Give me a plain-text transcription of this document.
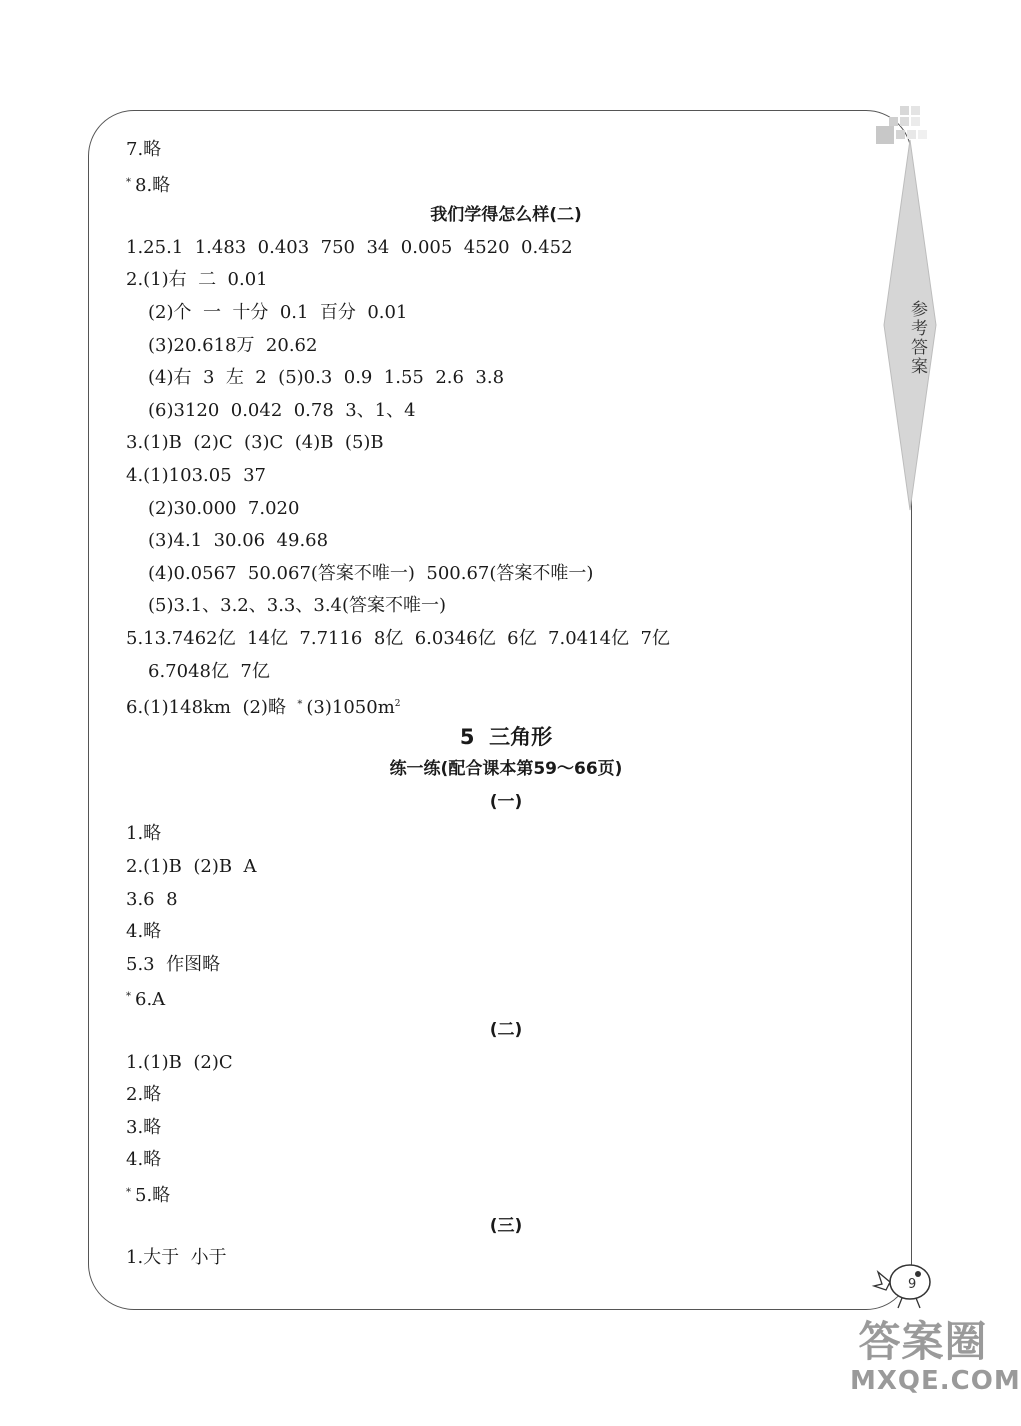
参考答案
7.略
* 8.略
我们学得怎么样(二)
1.25.1  1.483  0.403  750  34  0.005  4520  0.452
2.(1)右  二  0.01
(2)个  一  十分  0.1  百分  0.01
(3)20.618万  20.62
(4)右  3  左  2  (5)0.3  0.9  1.55  2.6  3.8
(6)3120  0.042  0.78  3、1、4
3.(1)B  (2)C  (3)C  (4)B  (5)B
4.(1)103.05  37
(2)30.000  7.020
(3)4.1  30.06  49.68
(4)0.0567  50.067(答案不唯一)  500.67(答案不唯一)
(5)3.1、3.2、3.3、3.4(答案不唯一)
5.13.7462亿  14亿  7.7116  8亿  6.0346亿  6亿  7.0414亿  7亿
6.7048亿  7亿
6.(1)148km  (2)略  * $(3)1050m^2$
5  三角形
练一练(配合课本第59～66页)
(一)
1.略
2.(1)B  (2)B  A
3.6  8
4.略
5.3  作图略
* 6.A
(二)
1.(1)B  (2)C
2.略
3.略
4.略
* 5.略
(三)
1.大于  小于
9
答案圈
MXQE.COM
